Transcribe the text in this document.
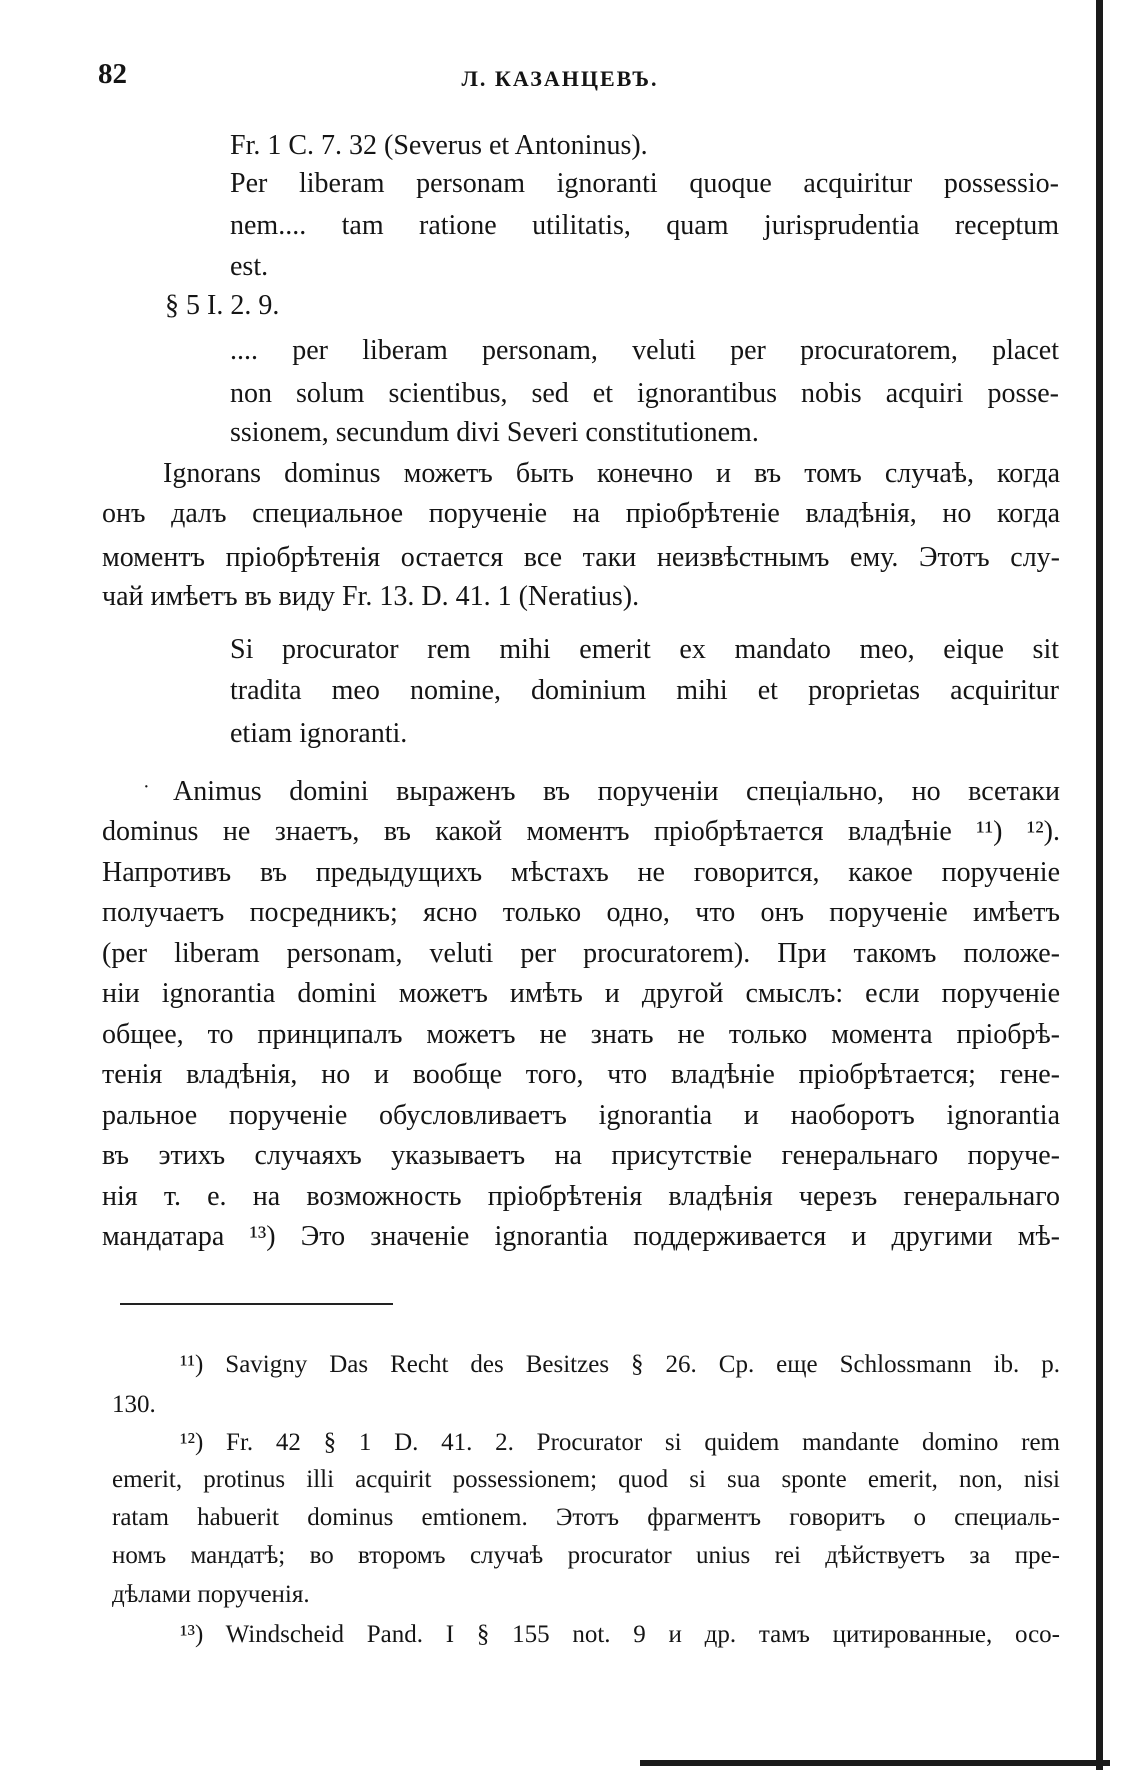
82	Л. КАЗАНЦЕВЪ.

Fr. 1 C. 7. 32 (Severus et Antoninus).

Per liberam personam ignoranti quoque acquiritur possessio-

nem.... tam ratione utilitatis, quam jurisprudentia receptum

est.

§ 5 I. 2. 9.

.... per liberam personam, veluti per procuratorem, placet

non solum scientibus, sed et ignorantibus nobis acquiri posse-

ssionem, secundum divi Severi constitutionem.

Ignorans dominus можетъ быть конечно и въ томъ случаѣ, когда

онъ далъ специальное порученіе на пріобрѣтеніе владѣнія, но когда

моментъ пріобрѣтенія остается все таки неизвѣстнымъ ему. Этотъ слу-

чай имѣетъ въ виду Fr. 13. D. 41. 1 (Neratius).

Si procurator rem mihi emerit ex mandato meo, eique sit

tradita meo nomine, dominium mihi et proprietas acquiritur

etiam ignoranti.

· Animus domini выраженъ въ порученіи спеціально, но всетаки

dominus не знаетъ, въ какой моментъ пріобрѣтается владѣніе ¹¹) ¹²).

Напротивъ въ предыдущихъ мѣстахъ не говорится, какое порученіе

получаетъ посредникъ; ясно только одно, что онъ порученіе имѣетъ

(per liberam personam, veluti per procuratorem). При такомъ положе-

ніи ignorantia domini можетъ имѣть и другой смыслъ: если порученіе

общее, то принципалъ можетъ не знать не только момента пріобрѣ-

тенія владѣнія, но и вообще того, что владѣніе пріобрѣтается; гене-

ральное порученіе обусловливаетъ ignorantia и наоборотъ ignorantia

въ этихъ случаяхъ указываетъ на присутствіе генеральнаго поруче-

нія т. е. на возможность пріобрѣтенія владѣнія черезъ генеральнаго

мандатара ¹³) Это значеніе ignorantia поддерживается и другими мѣ-

¹¹) Savigny Das Recht des Besitzes § 26. Ср. еще Schlossmann ib. p.

130.

¹²) Fr. 42 § 1 D. 41. 2. Procurator si quidem mandante domino rem

emerit, protinus illi acquirit possessionem; quod si sua sponte emerit, non, nisi

ratam habuerit dominus emtionem. Этотъ фрагментъ говоритъ о специаль-

номъ мандатѣ; во второмъ случаѣ procurator unius rei дѣйствуетъ за пре-

дѣлами порученія.

¹³) Windscheid Pand. I § 155 not. 9 и др. тамъ цитированные, осо-
